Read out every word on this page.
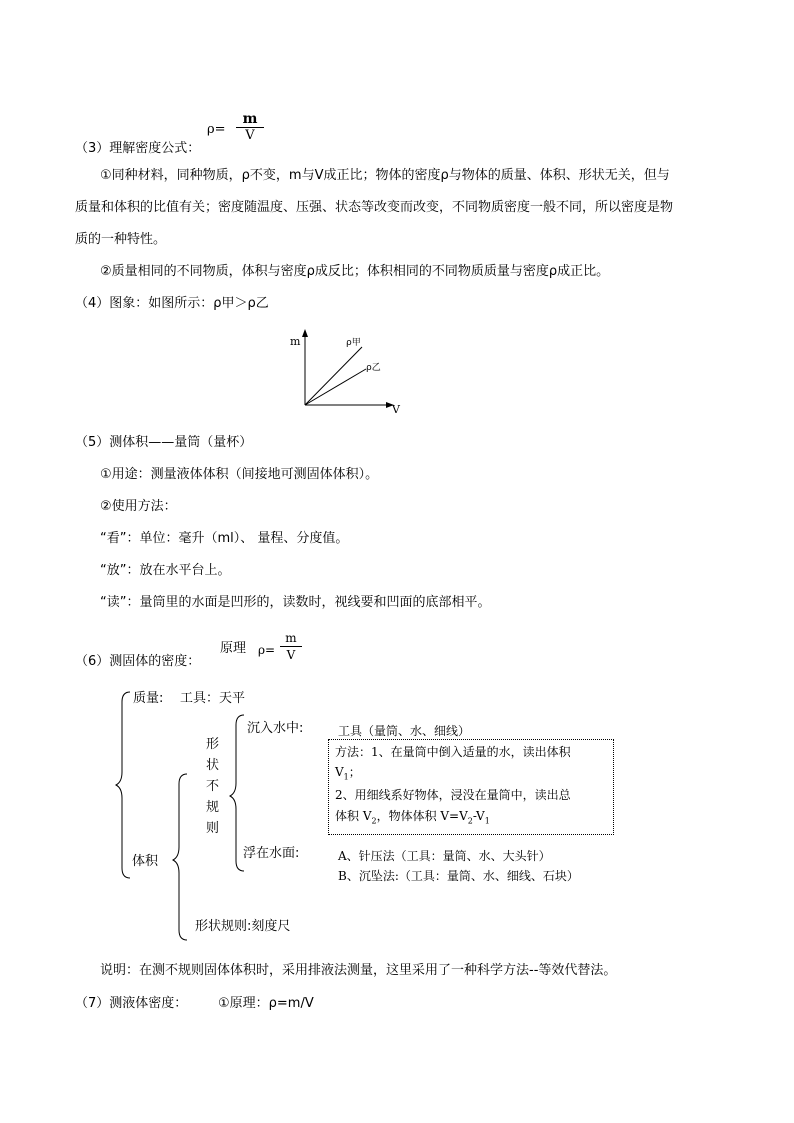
ρ=
m
V
（3）理解密度公式：
①同种材料，同种物质，ρ不变，m与V成正比；物体的密度ρ与物体的质量、体积、形状无关，但与
质量和体积的比值有关；密度随温度、压强、状态等改变而改变，不同物质密度一般不同，所以密度是物
质的一种特性。
②质量相同的不同物质，体积与密度ρ成反比；体积相同的不同物质质量与密度ρ成正比。
（4）图象：如图所示：ρ甲＞ρ乙
m
V
ρ甲
ρ乙
（5）测体积——量筒（量杯）
①用途：测量液体体积（间接地可测固体体积）。
②使用方法：
“看”：单位：毫升（ml）、 量程、分度值。
“放”：放在水平台上。
“读”：量筒里的水面是凹形的，读数时，视线要和凹面的底部相平。
（6）测固体的密度：
原理 ρ=
m
V
质量: 工具：天平
体积
形
状
不
规
则
沉入水中:	工具（量筒、水、细线）
方法：1、在量筒中倒入适量的水，读出体积
$V_1$；
2、用细线系好物体，浸没在量筒中，读出总
体积 $V_2$，物体体积 $V=V_2-V_1$
浮在水面:	A、针压法（工具：量筒、水、大头针）
B、沉坠法:（工具：量筒、水、细线、石块）
形状规则:刻度尺
说明：在测不规则固体体积时，采用排液法测量，这里采用了一种科学方法--等效代替法。
（7）测液体密度： ①原理：ρ=m/V
